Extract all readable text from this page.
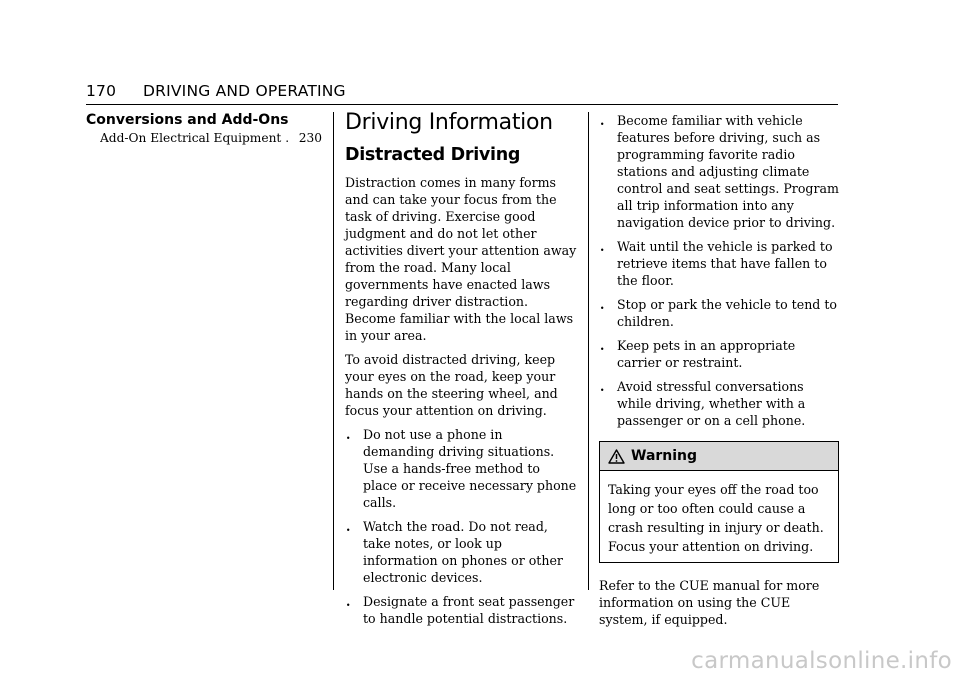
170 DRIVING AND OPERATING
Conversions and Add-Ons
Add-On Electrical Equipment . . .	230
Driving Information
Distracted Driving

Distraction comes in many forms and can take your focus from the task of driving. Exercise good judgment and do not let other activities divert your attention away from the road. Many local governments have enacted laws regarding driver distraction. Become familiar with the local laws in your area.

To avoid distracted driving, keep your eyes on the road, keep your hands on the steering wheel, and focus your attention on driving.

. Do not use a phone in demanding driving situations. Use a hands-free method to place or receive necessary phone calls.
. Watch the road. Do not read, take notes, or look up information on phones or other electronic devices.
. Designate a front seat passenger to handle potential distractions.
. Become familiar with vehicle features before driving, such as programming favorite radio stations and adjusting climate control and seat settings. Program all trip information into any navigation device prior to driving.
. Wait until the vehicle is parked to retrieve items that have fallen to the floor.
. Stop or park the vehicle to tend to children.
. Keep pets in an appropriate carrier or restraint.
. Avoid stressful conversations while driving, whether with a passenger or on a cell phone.
Warning
Taking your eyes off the road too long or too often could cause a crash resulting in injury or death. Focus your attention on driving.

Refer to the CUE manual for more information on using the CUE system, if equipped.

carmanualsonline.info
